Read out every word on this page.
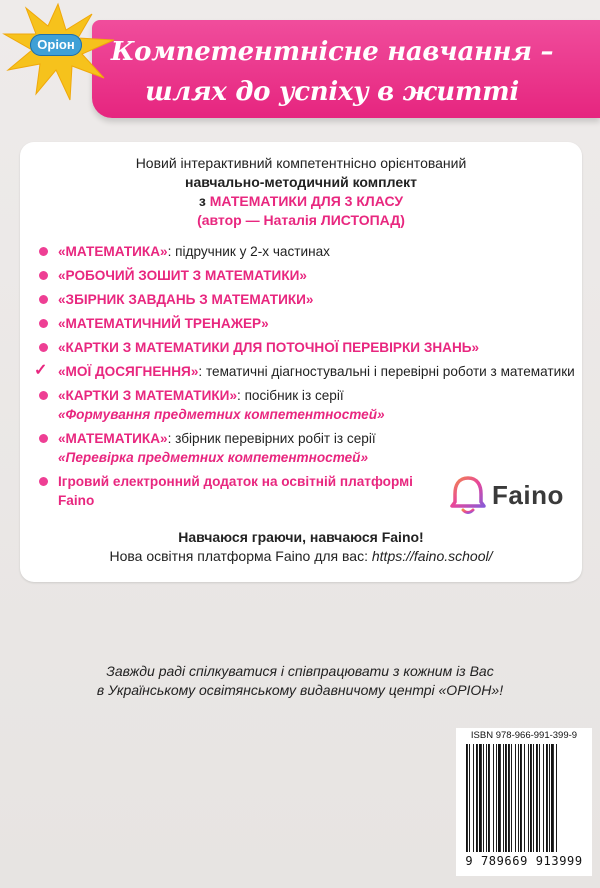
Компетентнісне навчання –
шлях до успіху в житті
Оріон
Новий інтерактивний компетентнісно орієнтований
навчально-методичний комплект
з МАТЕМАТИКИ ДЛЯ 3 КЛАСУ
(автор — Наталія ЛИСТОПАД)
«МАТЕМАТИКА»: підручник у 2-х частинах
«РОБОЧИЙ ЗОШИТ З МАТЕМАТИКИ»
«ЗБІРНИК ЗАВДАНЬ З МАТЕМАТИКИ»
«МАТЕМАТИЧНИЙ ТРЕНАЖЕР»
«КАРТКИ З МАТЕМАТИКИ ДЛЯ ПОТОЧНОЇ ПЕРЕВІРКИ ЗНАНЬ»
✓ «МОЇ ДОСЯГНЕННЯ»: тематичні діагностувальні і перевірні роботи з математики
«КАРТКИ З МАТЕМАТИКИ»: посібник із серії
«Формування предметних компетентностей»
«МАТЕМАТИКА»: збірник перевірних робіт із серії
«Перевірка предметних компетентностей»
Ігровий електронний додаток на освітній платформі Faino	Faino
Навчаюся граючи, навчаюся Faino!
Нова освітня платформа Faino для вас: https://faino.school/
Завжди раді спілкуватися і співпрацювати з кожним із Вас
в Українському освітянському видавничому центрі «ОРІОН»!
ISBN 978-966-991-399-9
9 789669 913999
